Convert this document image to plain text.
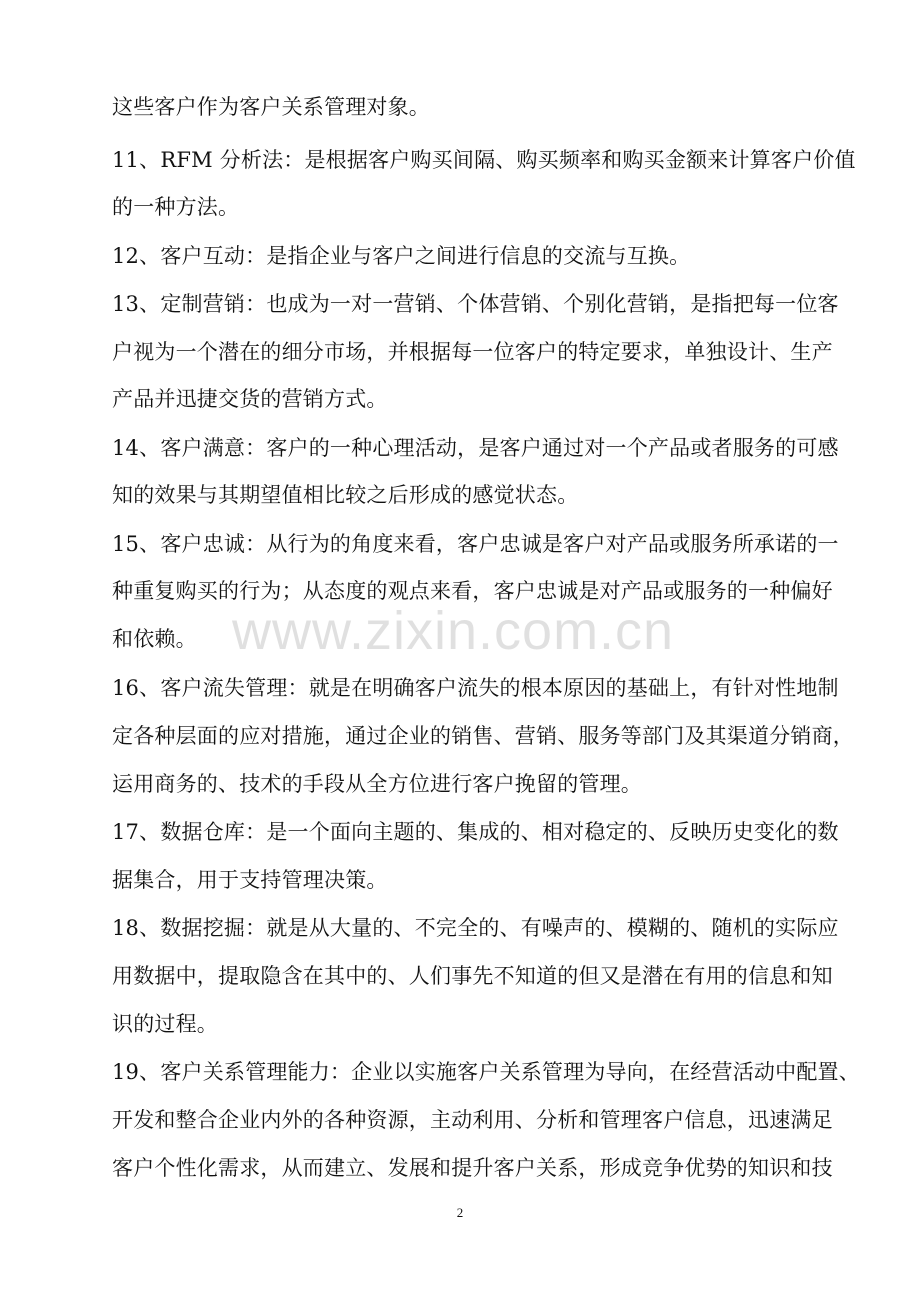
这些客户作为客户关系管理对象。
11、RFM 分析法：是根据客户购买间隔、购买频率和购买金额来计算客户价值
的一种方法。
12、客户互动：是指企业与客户之间进行信息的交流与互换。
13、定制营销：也成为一对一营销、个体营销、个别化营销，是指把每一位客
户视为一个潜在的细分市场，并根据每一位客户的特定要求，单独设计、生产
产品并迅捷交货的营销方式。
14、客户满意：客户的一种心理活动，是客户通过对一个产品或者服务的可感
知的效果与其期望值相比较之后形成的感觉状态。
15、客户忠诚：从行为的角度来看，客户忠诚是客户对产品或服务所承诺的一
种重复购买的行为；从态度的观点来看，客户忠诚是对产品或服务的一种偏好
和依赖。
16、客户流失管理：就是在明确客户流失的根本原因的基础上，有针对性地制
定各种层面的应对措施，通过企业的销售、营销、服务等部门及其渠道分销商，
运用商务的、技术的手段从全方位进行客户挽留的管理。
17、数据仓库：是一个面向主题的、集成的、相对稳定的、反映历史变化的数
据集合，用于支持管理决策。
18、数据挖掘：就是从大量的、不完全的、有噪声的、模糊的、随机的实际应
用数据中，提取隐含在其中的、人们事先不知道的但又是潜在有用的信息和知
识的过程。
19、客户关系管理能力：企业以实施客户关系管理为导向，在经营活动中配置、
开发和整合企业内外的各种资源，主动利用、分析和管理客户信息，迅速满足
客户个性化需求，从而建立、发展和提升客户关系，形成竞争优势的知识和技
www.zixin.com.cn
2
